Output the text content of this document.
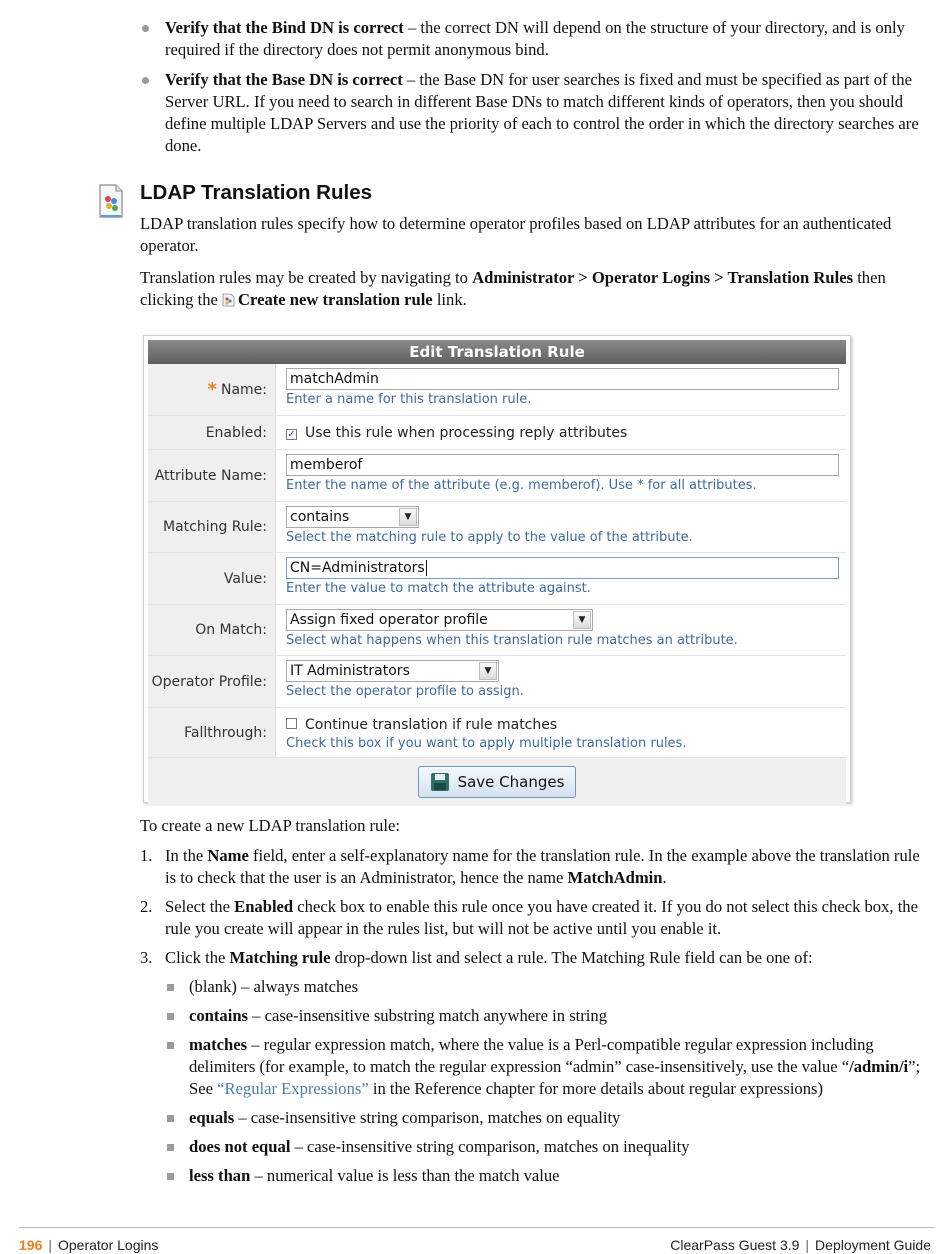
Verify that the Bind DN is correct – the correct DN will depend on the structure of your directory, and is only required if the directory does not permit anonymous bind.
Verify that the Base DN is correct – the Base DN for user searches is fixed and must be specified as part of the Server URL. If you need to search in different Base DNs to match different kinds of operators, then you should define multiple LDAP Servers and use the priority of each to control the order in which the directory searches are done.
LDAP Translation Rules

LDAP translation rules specify how to determine operator profiles based on LDAP attributes for an authenticated operator.

Translation rules may be created by navigating to Administrator > Operator Logins > Translation Rules then clicking the Create new translation rule link.

Edit Translation Rule
* Name:
matchAdmin
Enter a name for this translation rule.
Enabled:	✓ Use this rule when processing reply attributes
Attribute Name:
memberof
Enter the name of the attribute (e.g. memberof). Use * for all attributes.
Matching Rule:
contains	▼
Select the matching rule to apply to the value of the attribute.
Value:
CN=Administrators
Enter the value to match the attribute against.
On Match:
Assign fixed operator profile	▼
Select what happens when this translation rule matches an attribute.
Operator Profile:
IT Administrators	▼
Select the operator profile to assign.
Fallthrough:	Continue translation if rule matches
Check this box if you want to apply multiple translation rules.
Save Changes

To create a new LDAP translation rule:

1. In the Name field, enter a self-explanatory name for the translation rule. In the example above the translation rule is to check that the user is an Administrator, hence the name MatchAdmin.
2. Select the Enabled check box to enable this rule once you have created it. If you do not select this check box, the rule you create will appear in the rules list, but will not be active until you enable it.
3. Click the Matching rule drop-down list and select a rule. The Matching Rule field can be one of:
(blank) – always matches
contains – case-insensitive substring match anywhere in string
matches – regular expression match, where the value is a Perl-compatible regular expression including delimiters (for example, to match the regular expression “admin” case-insensitively, use the value “/admin/i”; See “Regular Expressions” in the Reference chapter for more details about regular expressions)
equals – case-insensitive string comparison, matches on equality
does not equal – case-insensitive string comparison, matches on inequality
less than – numerical value is less than the match value
196 | Operator Logins	ClearPass Guest 3.9 | Deployment Guide
